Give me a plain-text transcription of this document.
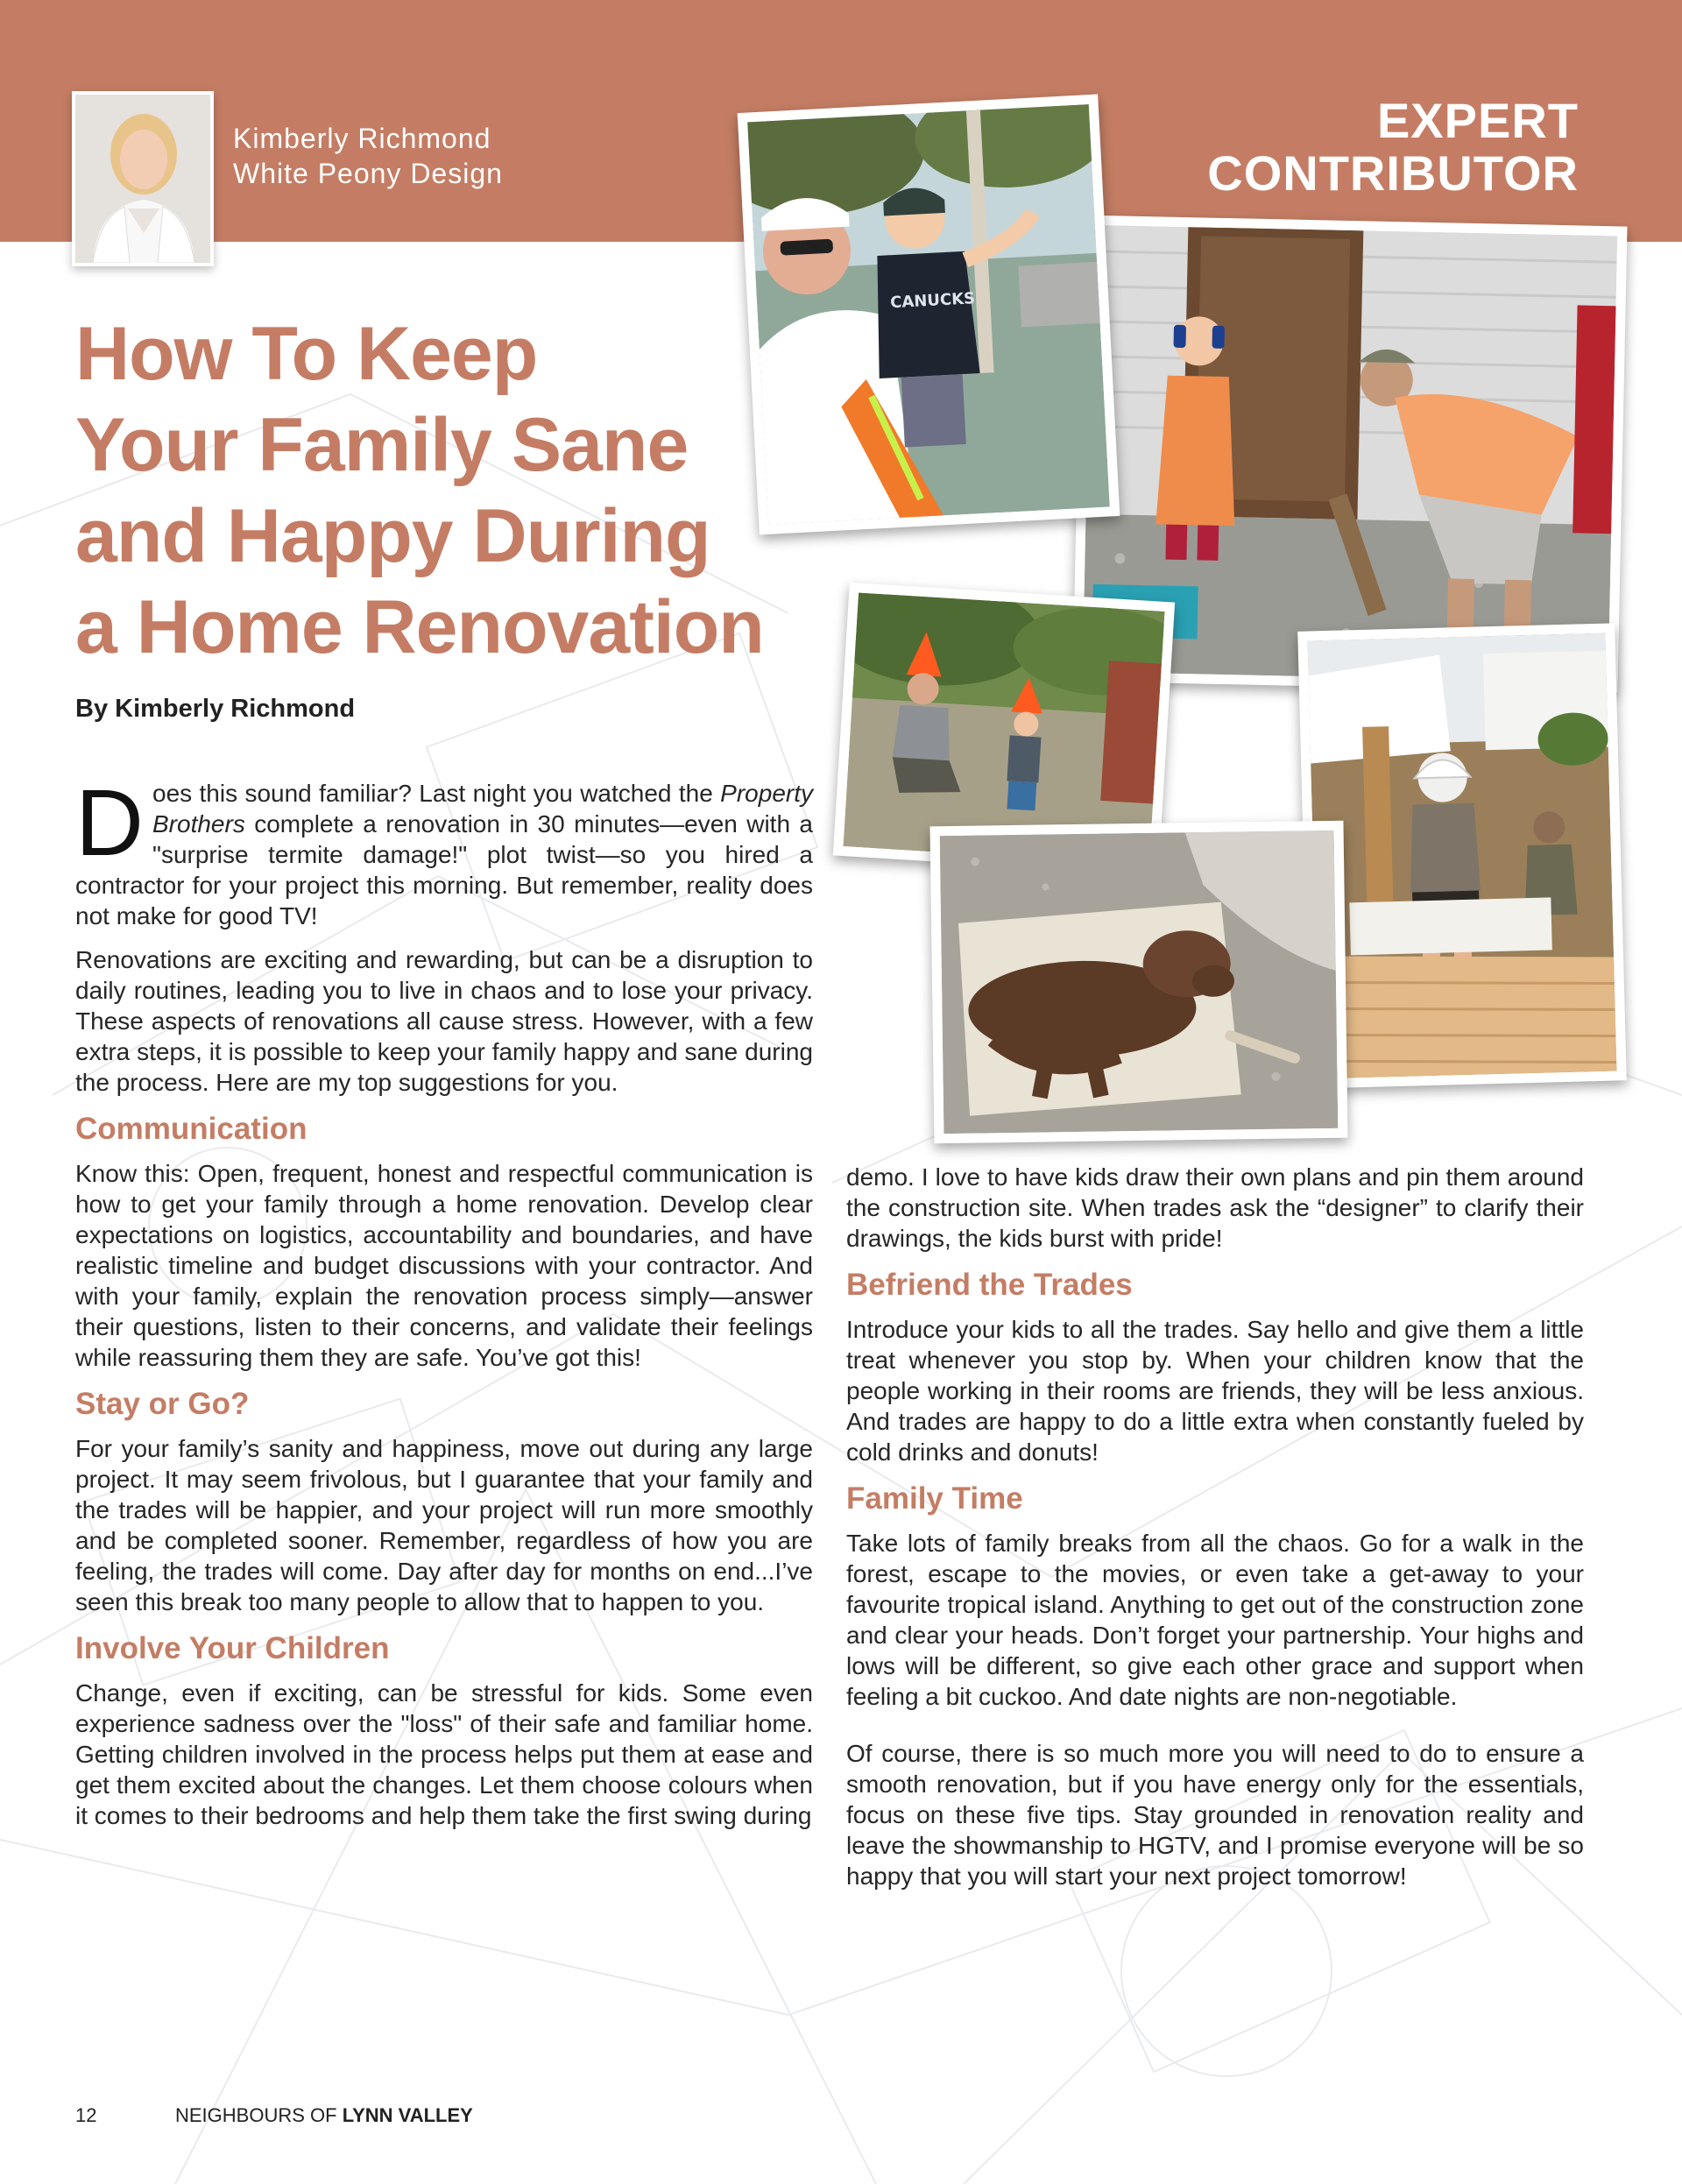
Kimberly Richmond
White Peony Design
EXPERT
CONTRIBUTOR
How To Keep
Your Family Sane
and Happy During
a Home Renovation

By Kimberly Richmond

Does this sound familiar? Last night you watched the Property Brothers complete a renovation in 30 minutes—even with a "surprise termite damage!" plot twist—so you hired a contractor for your project this morning. But remember, reality does not make for good TV!

Renovations are exciting and rewarding, but can be a disruption to daily routines, leading you to live in chaos and to lose your privacy. These aspects of renovations all cause stress. However, with a few extra steps, it is possible to keep your family happy and sane during the process. Here are my top suggestions for you.

Communication

Know this: Open, frequent, honest and respectful communication is how to get your family through a home renovation. Develop clear expectations on logistics, accountability and boundaries, and have realistic timeline and budget discussions with your contractor. And with your family, explain the renovation process simply—answer their questions, listen to their concerns, and validate their feelings while reassuring them they are safe. You’ve got this!

Stay or Go?

For your family’s sanity and happiness, move out during any large project. It may seem frivolous, but I guarantee that your family and the trades will be happier, and your project will run more smoothly and be completed sooner. Remember, regardless of how you are feeling, the trades will come. Day after day for months on end...I’ve seen this break too many people to allow that to happen to you.

Involve Your Children

Change, even if exciting, can be stressful for kids. Some even experience sadness over the "loss" of their safe and familiar home. Getting children involved in the process helps put them at ease and get them excited about the changes. Let them choose colours when it comes to their bedrooms and help them take the first swing during

demo. I love to have kids draw their own plans and pin them around the construction site. When trades ask the “designer” to clarify their drawings, the kids burst with pride!

Befriend the Trades

Introduce your kids to all the trades. Say hello and give them a little treat whenever you stop by. When your children know that the people working in their rooms are friends, they will be less anxious. And trades are happy to do a little extra when constantly fueled by cold drinks and donuts!

Family Time

Take lots of family breaks from all the chaos. Go for a walk in the forest, escape to the movies, or even take a get-away to your favourite tropical island. Anything to get out of the construction zone and clear your heads. Don’t forget your partnership. Your highs and lows will be different, so give each other grace and support when feeling a bit cuckoo. And date nights are non-negotiable.

Of course, there is so much more you will need to do to ensure a smooth renovation, but if you have energy only for the essentials, focus on these five tips. Stay grounded in renovation reality and leave the showmanship to HGTV, and I promise everyone will be so happy that you will start your next project tomorrow!

CANUCKS
12	NEIGHBOURS OF LYNN VALLEY
